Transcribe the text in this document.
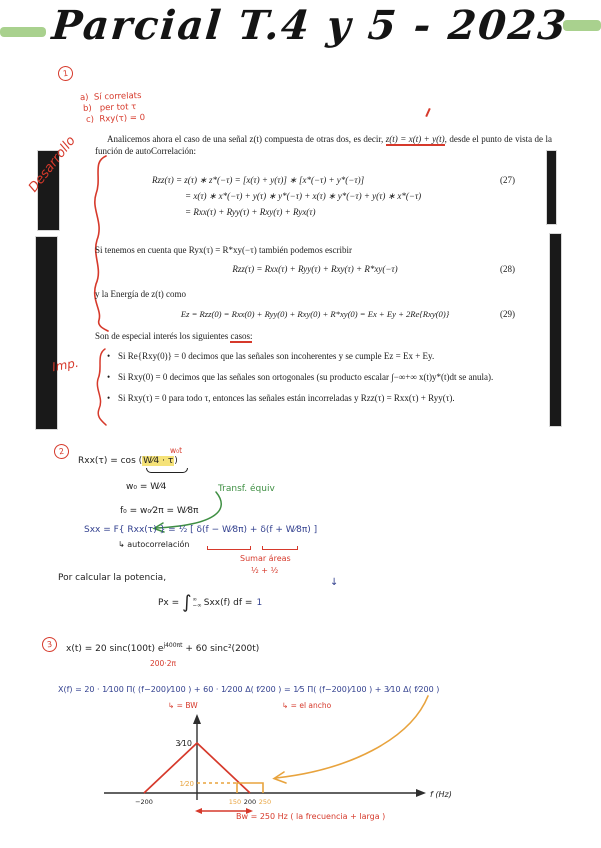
Parcial T.4 y 5 - 2023
1
a) Sí correlats
b) per tot τ
c) Rxy(τ) = 0
Desarrollo
Imp.
Analicemos ahora el caso de una señal z(t) compuesta de otras dos, es decir, z(t) = x(t) + y(t), desde el punto de vista de la función de autoCorrelación:
Rzz(τ) = z(τ) ∗ z*(−τ) = [x(τ) + y(τ)] ∗ [x*(−τ) + y*(−τ)]
= x(τ) ∗ x*(−τ) + y(τ) ∗ y*(−τ) + x(τ) ∗ y*(−τ) + y(τ) ∗ x*(−τ)
= Rxx(τ) + Ryy(τ) + Rxy(τ) + Ryx(τ)
(27)
Si tenemos en cuenta que Ryx(τ) = R*xy(−τ) también podemos escribir
Rzz(τ) = Rxx(τ) + Ryy(τ) + Rxy(τ) + R*xy(−τ)	(28)
y la Energía de z(t) como
Ez = Rzz(0) = Rxx(0) + Ryy(0) + Rxy(0) + R*xy(0) = Ex + Ey + 2Re{Rxy(0)}	(29)
Son de especial interés los siguientes casos:
• Si Re{Rxy(0)} = 0 decimos que las señales son incoherentes y se cumple Ez = Ex + Ey.
• Si Rxy(0) = 0 decimos que las señales son ortogonales (su producto escalar ∫−∞+∞ x(t)y*(t)dt se anula).
• Si Rxy(τ) = 0 para todo τ, entonces las señales están incorreladas y Rzz(τ) = Rxx(τ) + Ryy(τ).
2
Rxx(τ) = cos (W⁄4 · τ)
w₀t
w₀ = W⁄4
f₀ = w₀⁄2π = W⁄8π
Transf. équiv
Sxx = F{ Rxx(τ) } = ½ [ δ(f − W⁄8π) + δ(f + W⁄8π) ]
↳ autocorrelación
Sumar áreas
½ + ½
Por calcular la potencia,	↓
Px = ∫ ∞
−∞ Sxx(f) df = 1
3	x(t) = 20 sinc(100t) $e^{j400\pi t} + 60$ sinc²(200t)
200·2π
X(f) = 20 · 1⁄100 Π( (f−200)⁄100 ) + 60 · 1⁄200 Δ( f⁄200 ) = 1⁄5 Π( (f−200)⁄100 ) + 3⁄10 Δ( f⁄200 )
↳ = BW	↳ = el ancho
3⁄10
1⁄20
−200	150 200 250
f (Hz)
Bw = 250 Hz ( la frecuencia + larga )
